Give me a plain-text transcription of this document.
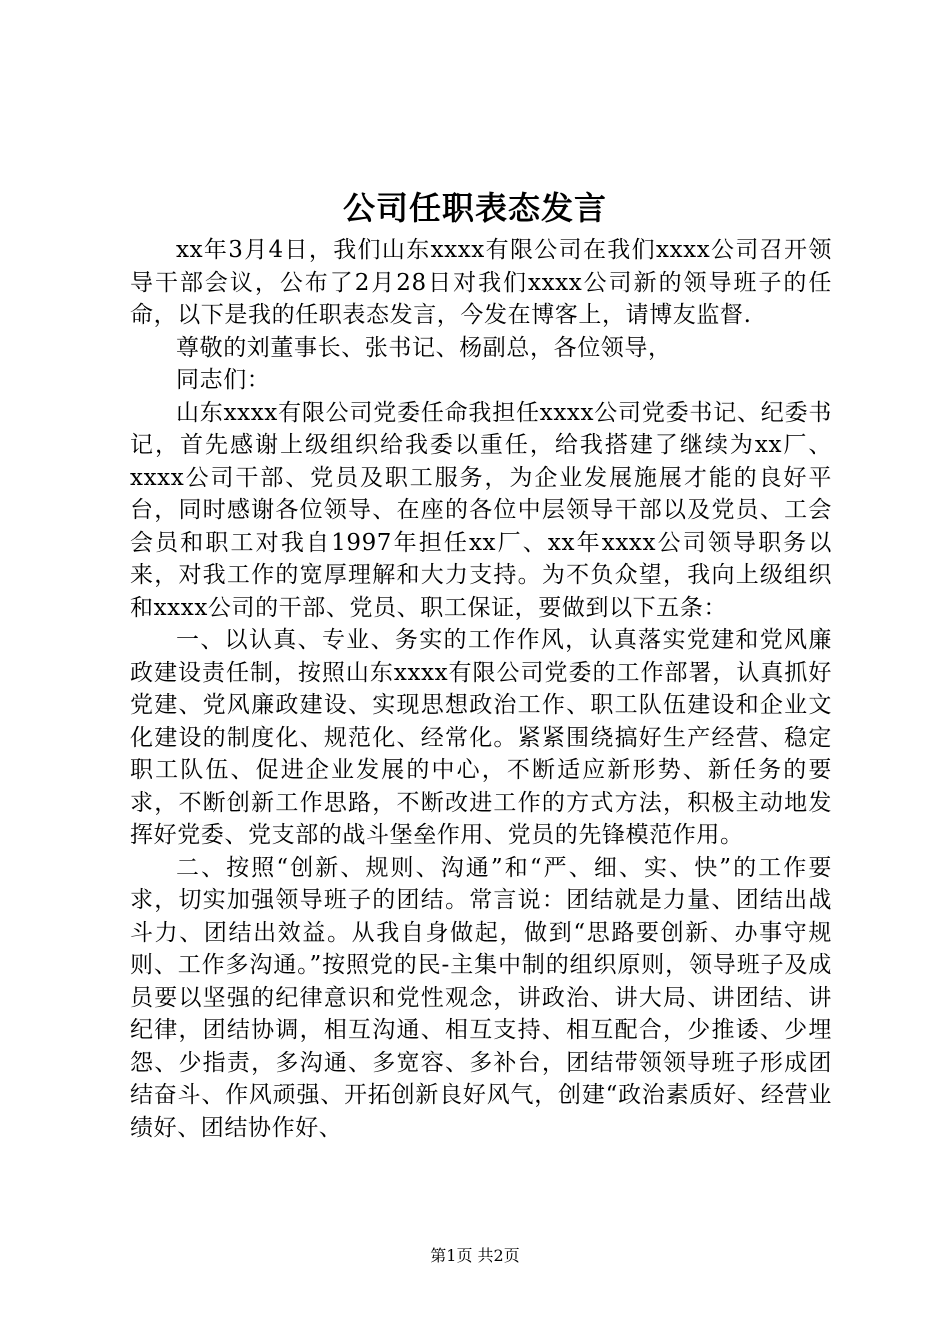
公司任职表态发言

xx年3月4日，我们山东xxxx有限公司在我们xxxx公司召开领导干部会议，公布了2月28日对我们xxxx公司新的领导班子的任命，以下是我的任职表态发言，今发在博客上，请博友监督.

尊敬的刘董事长、张书记、杨副总，各位领导，

同志们：

山东xxxx有限公司党委任命我担任xxxx公司党委书记、纪委书记，首先感谢上级组织给我委以重任，给我搭建了继续为xx厂、xxxx公司干部、党员及职工服务，为企业发展施展才能的良好平台，同时感谢各位领导、在座的各位中层领导干部以及党员、工会会员和职工对我自1997年担任xx厂、xx年xxxx公司领导职务以来，对我工作的宽厚理解和大力支持。为不负众望，我向上级组织和xxxx公司的干部、党员、职工保证，要做到以下五条：

一、以认真、专业、务实的工作作风，认真落实党建和党风廉政建设责任制，按照山东xxxx有限公司党委的工作部署，认真抓好党建、党风廉政建设、实现思想政治工作、职工队伍建设和企业文化建设的制度化、规范化、经常化。紧紧围绕搞好生产经营、稳定职工队伍、促进企业发展的中心，不断适应新形势、新任务的要求，不断创新工作思路，不断改进工作的方式方法，积极主动地发挥好党委、党支部的战斗堡垒作用、党员的先锋模范作用。

二、按照“创新、规则、沟通”和“严、细、实、快”的工作要求，切实加强领导班子的团结。常言说：团结就是力量、团结出战斗力、团结出效益。从我自身做起，做到“思路要创新、办事守规则、工作多沟通。”按照党的民-主集中制的组织原则，领导班子及成员要以坚强的纪律意识和党性观念，讲政治、讲大局、讲团结、讲纪律，团结协调，相互沟通、相互支持、相互配合，少推诿、少埋怨、少指责，多沟通、多宽容、多补台，团结带领领导班子形成团结奋斗、作风顽强、开拓创新良好风气，创建“政治素质好、经营业绩好、团结协作好、

第1页 共2页
